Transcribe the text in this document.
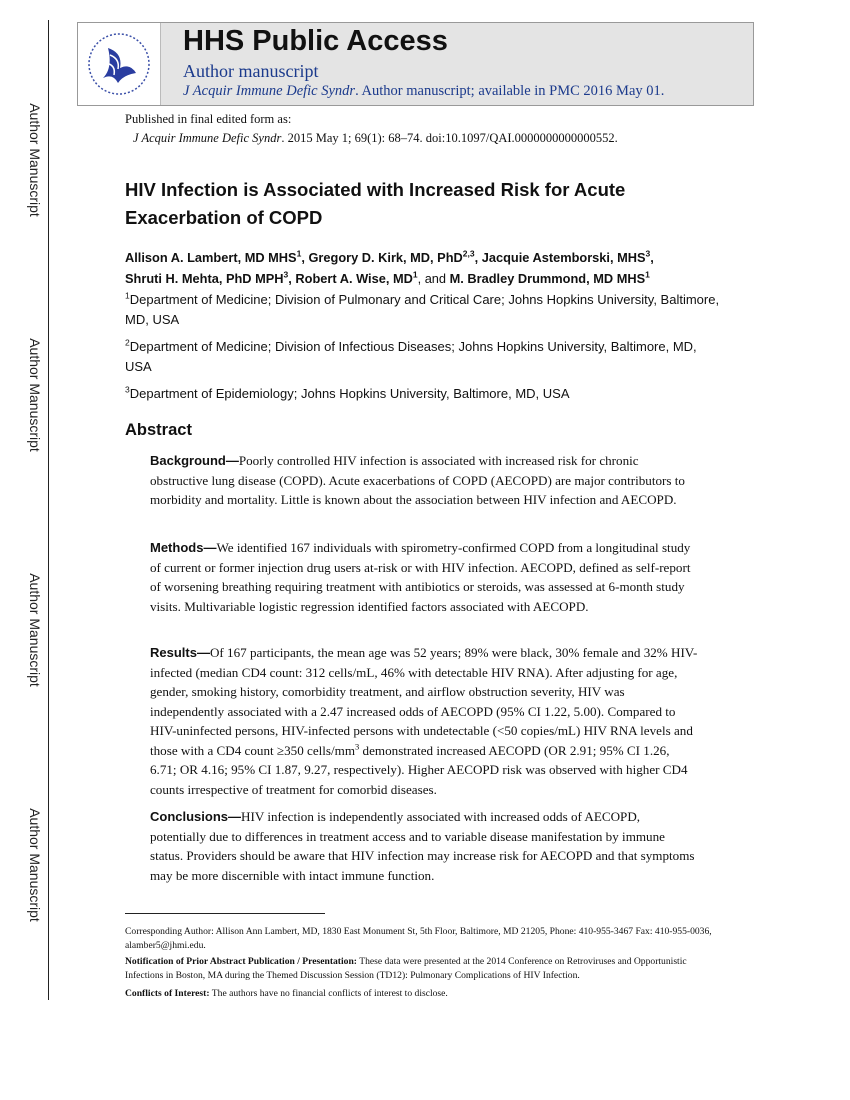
Author Manuscript
Author Manuscript
Author Manuscript
Author Manuscript
HHS Public Access
Author manuscript
J Acquir Immune Defic Syndr. Author manuscript; available in PMC 2016 May 01.
Published in final edited form as:
J Acquir Immune Defic Syndr. 2015 May 1; 69(1): 68–74. doi:10.1097/QAI.0000000000000552.
HIV Infection is Associated with Increased Risk for Acute Exacerbation of COPD
Allison A. Lambert, MD MHS$^1$, Gregory D. Kirk, MD, PhD$^{2,3}$, Jacquie Astemborski, MHS$^3$,
Shruti H. Mehta, PhD MPH$^3$, Robert A. Wise, $MD^1$, and M. Bradley Drummond, MD MHS$^1$
$^1$Department of Medicine; Division of Pulmonary and Critical Care; Johns Hopkins University, Baltimore, MD, USA
$^2$Department of Medicine; Division of Infectious Diseases; Johns Hopkins University, Baltimore, MD, USA
$^3$Department of Epidemiology; Johns Hopkins University, Baltimore, MD, USA
Abstract
Background—Poorly controlled HIV infection is associated with increased risk for chronic obstructive lung disease (COPD). Acute exacerbations of COPD (AECOPD) are major contributors to morbidity and mortality. Little is known about the association between HIV infection and AECOPD.
Methods—We identified 167 individuals with spirometry-confirmed COPD from a longitudinal study of current or former injection drug users at-risk or with HIV infection. AECOPD, defined as self-report of worsening breathing requiring treatment with antibiotics or steroids, was assessed at 6-month study visits. Multivariable logistic regression identified factors associated with AECOPD.
Results—Of 167 participants, the mean age was 52 years; 89% were black, 30% female and 32% HIV-infected (median CD4 count: 312 cells/mL, 46% with detectable HIV RNA). After adjusting for age, gender, smoking history, comorbidity treatment, and airflow obstruction severity, HIV was independently associated with a 2.47 increased odds of AECOPD (95% CI 1.22, 5.00). Compared to HIV-uninfected persons, HIV-infected persons with undetectable (<50 copies/mL) HIV RNA levels and those with a CD4 count ≥350 cells/$mm^3$ demonstrated increased AECOPD (OR 2.91; 95% CI 1.26, 6.71; OR 4.16; 95% CI 1.87, 9.27, respectively). Higher AECOPD risk was observed with higher CD4 counts irrespective of treatment for comorbid diseases.
Conclusions—HIV infection is independently associated with increased odds of AECOPD, potentially due to differences in treatment access and to variable disease manifestation by immune status. Providers should be aware that HIV infection may increase risk for AECOPD and that symptoms may be more discernible with intact immune function.
Corresponding Author: Allison Ann Lambert, MD, 1830 East Monument St, 5th Floor, Baltimore, MD 21205, Phone: 410-955-3467 Fax: 410-955-0036, alamber5@jhmi.edu.
Notification of Prior Abstract Publication / Presentation: These data were presented at the 2014 Conference on Retroviruses and Opportunistic Infections in Boston, MA during the Themed Discussion Session (TD12): Pulmonary Complications of HIV Infection.
Conflicts of Interest: The authors have no financial conflicts of interest to disclose.
